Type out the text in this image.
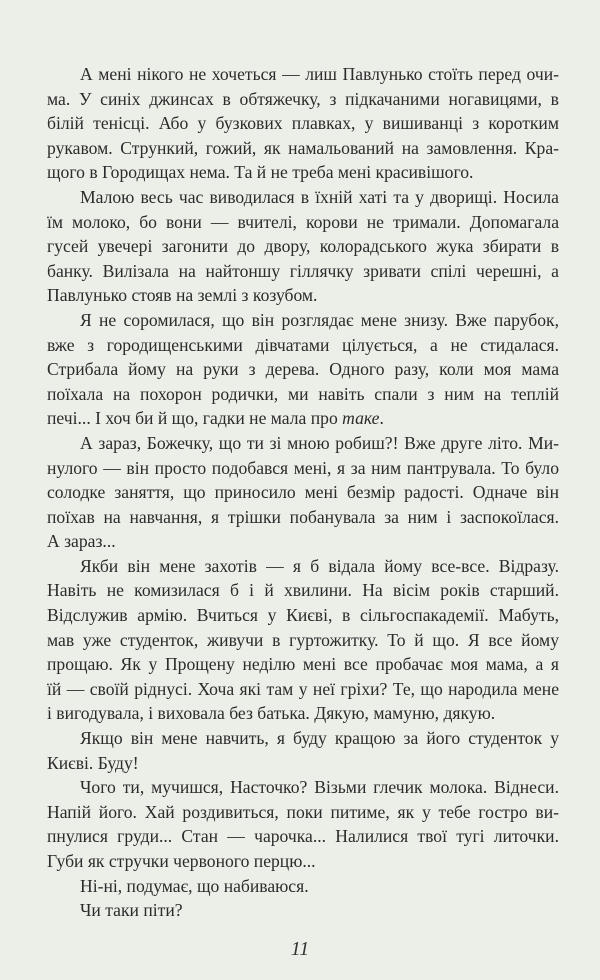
А мені нікого не хочеться — лиш Павлунько стоїть перед очи-
ма. У синіх джинсах в обтяжечку, з підкачаними ногавицями, в
білій тенісці. Або у бузкових плавках, у вишиванці з коротким
рукавом. Стрункий, гожий, як намальований на замовлення. Кра-
щого в Городищах нема. Та й не треба мені красивішого.
Малою весь час виводилася в їхній хаті та у дворищі. Носила
їм молоко, бо вони — вчителі, корови не тримали. Допомагала
гусей увечері загонити до двору, колорадського жука збирати в
банку. Вилізала на найтоншу гіллячку зривати спілі черешні, а
Павлунько стояв на землі з козубом.
Я не соромилася, що він розглядає мене знизу. Вже парубок,
вже з городищенськими дівчатами цілується, а не стидалася.
Стрибала йому на руки з дерева. Одного разу, коли моя мама
поїхала на похорон родички, ми навіть спали з ним на теплій
печі... І хоч би й що, гадки не мала про таке.
А зараз, Божечку, що ти зі мною робиш?! Вже друге літо. Ми-
нулого — він просто подобався мені, я за ним пантрувала. То було
солодке заняття, що приносило мені безмір радості. Одначе він
поїхав на навчання, я трішки побанувала за ним і заспокоїлася.
А зараз...
Якби він мене захотів — я б відала йому все-все. Відразу.
Навіть не комизилася б і й хвилини. На вісім років старший.
Відслужив армію. Вчиться у Києві, в сільгоспакадемії. Мабуть,
мав уже студенток, живучи в гуртожитку. То й що. Я все йому
прощаю. Як у Прощену неділю мені все пробачає моя мама, а я
їй — своїй ріднусі. Хоча які там у неї гріхи? Те, що народила мене
і вигодувала, і виховала без батька. Дякую, мамуню, дякую.
Якщо він мене навчить, я буду кращою за його студенток у
Києві. Буду!
Чого ти, мучишся, Насточко? Візьми глечик молока. Віднеси.
Напій його. Хай роздивиться, поки питиме, як у тебе гостро ви-
пнулися груди... Стан — чарочка... Налилися твої тугі литочки.
Губи як стручки червоного перцю...
Ні-ні, подумає, що набиваюся.
Чи таки піти?
11
